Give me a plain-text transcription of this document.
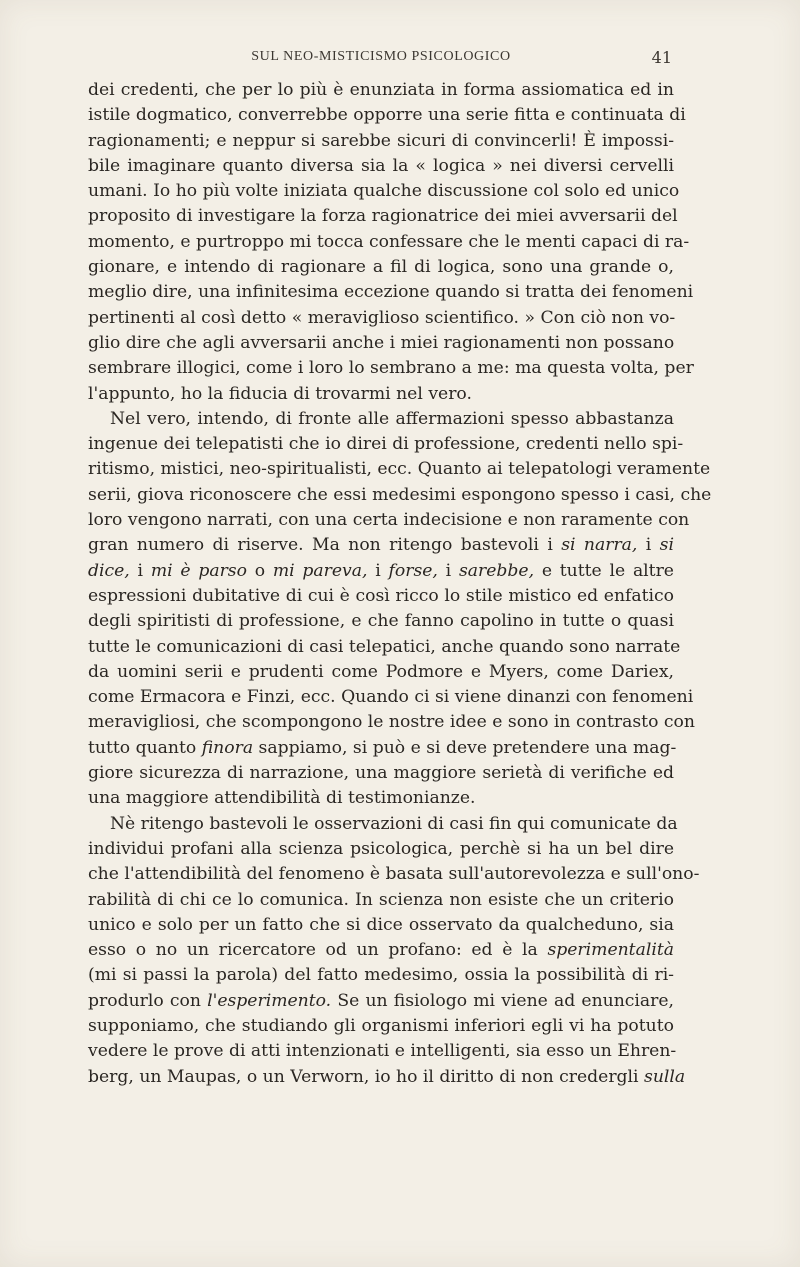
SUL NEO-MISTICISMO PSICOLOGICO	41
dei credenti, che per lo più è enunziata in forma assiomatica ed in
istile dogmatico, converrebbe opporre una serie fitta e continuata di
ragionamenti; e neppur si sarebbe sicuri di convincerli! È impossi-
bile imaginare quanto diversa sia la « logica » nei diversi cervelli
umani. Io ho più volte iniziata qualche discussione col solo ed unico
proposito di investigare la forza ragionatrice dei miei avversarii del
momento, e purtroppo mi tocca confessare che le menti capaci di ra-
gionare, e intendo di ragionare a fil di logica, sono una grande o,
meglio dire, una infinitesima eccezione quando si tratta dei fenomeni
pertinenti al così detto « meraviglioso scientifico. » Con ciò non vo-
glio dire che agli avversarii anche i miei ragionamenti non possano
sembrare illogici, come i loro lo sembrano a me: ma questa volta, per
l'appunto, ho la fiducia di trovarmi nel vero.
Nel vero, intendo, di fronte alle affermazioni spesso abbastanza
ingenue dei telepatisti che io direi di professione, credenti nello spi-
ritismo, mistici, neo-spiritualisti, ecc. Quanto ai telepatologi veramente
serii, giova riconoscere che essi medesimi espongono spesso i casi, che
loro vengono narrati, con una certa indecisione e non raramente con
gran numero di riserve. Ma non ritengo bastevoli i si narra, i si
dice, i mi è parso o mi pareva, i forse, i sarebbe, e tutte le altre
espressioni dubitative di cui è così ricco lo stile mistico ed enfatico
degli spiritisti di professione, e che fanno capolino in tutte o quasi
tutte le comunicazioni di casi telepatici, anche quando sono narrate
da uomini serii e prudenti come Podmore e Myers, come Dariex,
come Ermacora e Finzi, ecc. Quando ci si viene dinanzi con fenomeni
meravigliosi, che scompongono le nostre idee e sono in contrasto con
tutto quanto finora sappiamo, si può e si deve pretendere una mag-
giore sicurezza di narrazione, una maggiore serietà di verifiche ed
una maggiore attendibilità di testimonianze.
Nè ritengo bastevoli le osservazioni di casi fin qui comunicate da
individui profani alla scienza psicologica, perchè si ha un bel dire
che l'attendibilità del fenomeno è basata sull'autorevolezza e sull'ono-
rabilità di chi ce lo comunica. In scienza non esiste che un criterio
unico e solo per un fatto che si dice osservato da qualcheduno, sia
esso o no un ricercatore od un profano: ed è la sperimentalità
(mi si passi la parola) del fatto medesimo, ossia la possibilità di ri-
produrlo con l'esperimento. Se un fisiologo mi viene ad enunciare,
supponiamo, che studiando gli organismi inferiori egli vi ha potuto
vedere le prove di atti intenzionati e intelligenti, sia esso un Ehren-
berg, un Maupas, o un Verworn, io ho il diritto di non credergli sulla
